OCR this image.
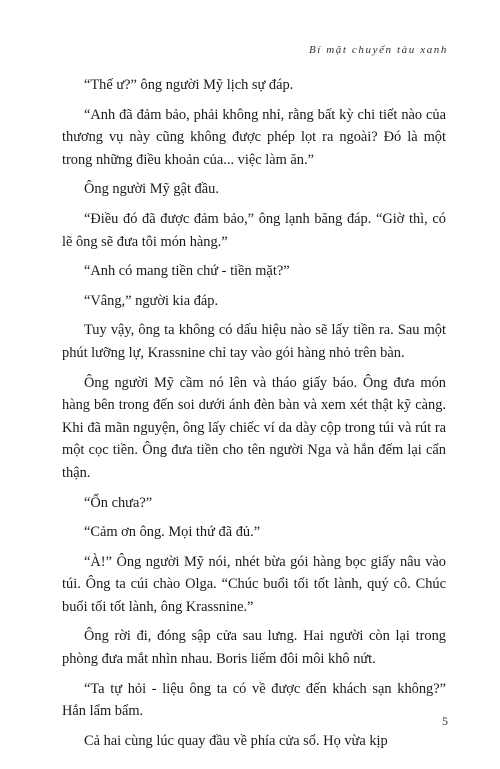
Bí mật chuyến tàu xanh

“Thế ư?” ông người Mỹ lịch sự đáp.

“Anh đã đảm bảo, phải không nhỉ, rằng bất kỳ chi tiết nào của thương vụ này cũng không được phép lọt ra ngoài? Đó là một trong những điều khoản của... việc làm ăn.”

Ông người Mỹ gật đầu.

“Điều đó đã được đảm bảo,” ông lạnh băng đáp. “Giờ thì, có lẽ ông sẽ đưa tôi món hàng.”

“Anh có mang tiền chứ - tiền mặt?”

“Vâng,” người kia đáp.

Tuy vậy, ông ta không có dấu hiệu nào sẽ lấy tiền ra. Sau một phút lưỡng lự, Krassnine chỉ tay vào gói hàng nhỏ trên bàn.

Ông người Mỹ cầm nó lên và tháo giấy báo. Ông đưa món hàng bên trong đến soi dưới ánh đèn bàn và xem xét thật kỹ càng. Khi đã mãn nguyện, ông lấy chiếc ví da dày cộp trong túi và rút ra một cọc tiền. Ông đưa tiền cho tên người Nga và hắn đếm lại cẩn thận.

“Ổn chưa?”

“Cảm ơn ông. Mọi thứ đã đủ.”

“À!” Ông người Mỹ nói, nhét bừa gói hàng bọc giấy nâu vào túi. Ông ta cúi chào Olga. “Chúc buổi tối tốt lành, quý cô. Chúc buổi tối tốt lành, ông Krassnine.”

Ông rời đi, đóng sập cửa sau lưng. Hai người còn lại trong phòng đưa mắt nhìn nhau. Boris liếm đôi môi khô nứt.

“Ta tự hỏi - liệu ông ta có về được đến khách sạn không?” Hắn lẩm bẩm.

Cả hai cùng lúc quay đầu về phía cửa sổ. Họ vừa kịp

5
